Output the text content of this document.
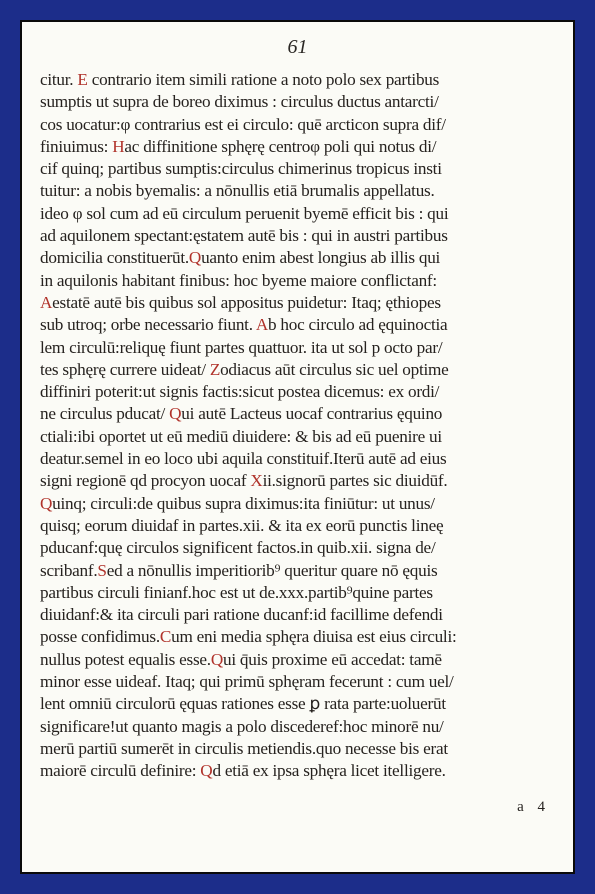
61
citur. E contrario item simili ratione a noto polo sex partibus
sumptis ut supra de boreo diximus : circulus ductus antarcti/
cos uocatur:φ contrarius est ei circulo: quē arcticon supra dif/
finiuimus: Hac diffinitione sphęrę centroφ poli qui notus di/
cif quinq; partibus sumptis:circulus chimerinus tropicus insti
tuitur: a nobis byemalis: a nōnullis etiā brumalis appellatus.
ideo φ sol cum ad eū circulum peruenit byemē efficit bis : qui
ad aquilonem spectant:ęstatem autē bis : qui in austri partibus
domicilia constituerūt.Quanto enim abest longius ab illis qui
in aquilonis habitant finibus: hoc byeme maiore conflictanf:
Aestatē autē bis quibus sol appositus puidetur: Itaq; ęthiopes
sub utroq; orbe necessario fiunt. Ab hoc circulo ad ęquinoctia
lem circulū:reliquę fiunt partes quattuor. ita ut sol p octo par/
tes sphęrę currere uideat/ Zodiacus aūt circulus sic uel optime
diffiniri poterit:ut signis factis:sicut postea dicemus: ex ordi/
ne circulus pducat/ Qui autē Lacteus uocaf contrarius ęquino
ctiali:ibi oportet ut eū mediū diuidere: & bis ad eū puenire ui
deatur.semel in eo loco ubi aquila constituif.Iterū autē ad eius
signi regionē qd procyon uocaf Xii.signorū partes sic diuidūf.
Quinq; circuli:de quibus supra diximus:ita finiūtur: ut unus/
quisq; eorum diuidaf in partes.xii. & ita ex eorū punctis lineę
pducanf:quę circulos significent factos.in quib.xii. signa de/
scribanf.Sed a nōnullis imperitiorib⁹ queritur quare nō ęquis
partibus circuli finianf.hoc est ut de.xxx.partib⁹quine partes
diuidanf:& ita circuli pari ratione ducanf:id facillime defendi
posse confidimus.Cum eni media sphęra diuisa est eius circuli:
nullus potest equalis esse.Qui q̄uis proxime eū accedat: tamē
minor esse uideaf. Itaq; qui primū sphęram fecerunt : cum uel/
lent omniū circulorū ęquas rationes esse ꝑ rata parte:uoluerūt
significare!ut quanto magis a polo discederef:hoc minorē nu/
merū partiū sumerēt in circulis metiendis.quo necesse bis erat
maiorē circulū definire: Qd etiā ex ipsa sphęra licet itelligere.
a 4
